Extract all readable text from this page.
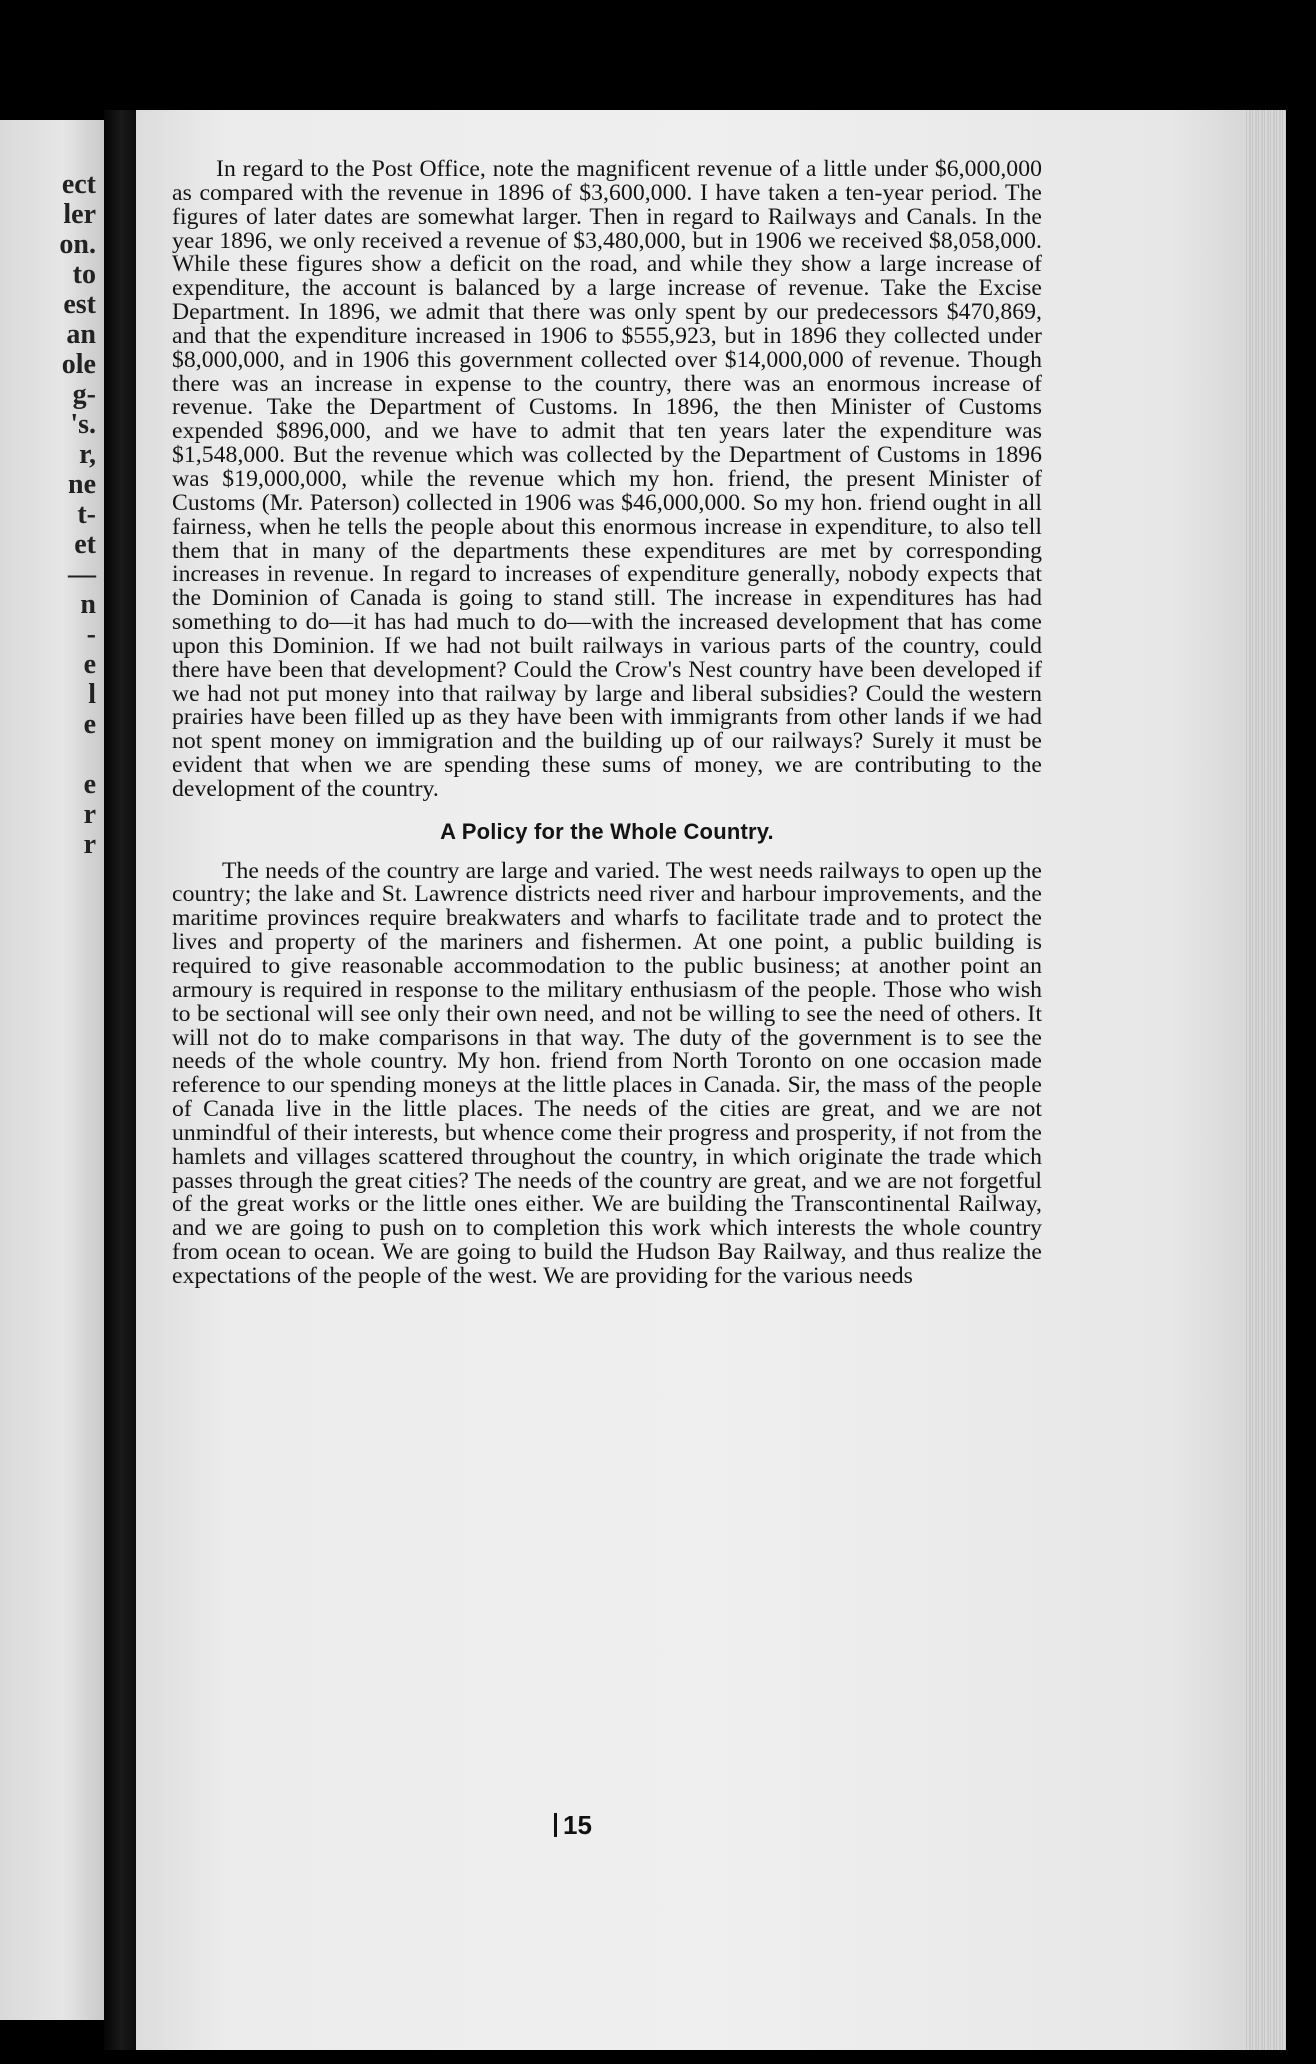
ect
ler
on.
to
est
an
ole
g-
's.
r,
ne
t-
et
—
n
-
e
l
e
e
r
r

In regard to the Post Office, note the magnificent revenue of a little under $6,000,000 as compared with the revenue in 1896 of $3,600,000. I have taken a ten-year period. The figures of later dates are somewhat larger. Then in regard to Railways and Canals. In the year 1896, we only received a revenue of $3,480,000, but in 1906 we received $8,058,000. While these figures show a deficit on the road, and while they show a large increase of expenditure, the account is balanced by a large increase of revenue. Take the Excise Department. In 1896, we admit that there was only spent by our predecessors $470,869, and that the expenditure increased in 1906 to $555,923, but in 1896 they collected under $8,000,000, and in 1906 this government collected over $14,000,000 of revenue. Though there was an increase in expense to the country, there was an enormous increase of revenue. Take the Department of Customs. In 1896, the then Minister of Customs expended $896,000, and we have to admit that ten years later the expenditure was $1,548,000. But the revenue which was collected by the Department of Customs in 1896 was $19,000,000, while the revenue which my hon. friend, the present Minister of Customs (Mr. Paterson) collected in 1906 was $46,000,000. So my hon. friend ought in all fairness, when he tells the people about this enormous increase in expenditure, to also tell them that in many of the departments these expenditures are met by corresponding increases in revenue. In regard to increases of expenditure generally, nobody expects that the Dominion of Canada is going to stand still. The increase in expenditures has had something to do—it has had much to do—with the increased development that has come upon this Dominion. If we had not built railways in various parts of the country, could there have been that development? Could the Crow's Nest country have been developed if we had not put money into that railway by large and liberal subsidies? Could the western prairies have been filled up as they have been with immigrants from other lands if we had not spent money on immigration and the building up of our railways? Surely it must be evident that when we are spending these sums of money, we are contributing to the development of the country.

A Policy for the Whole Country.

The needs of the country are large and varied. The west needs railways to open up the country; the lake and St. Lawrence districts need river and harbour improvements, and the maritime provinces require breakwaters and wharfs to facilitate trade and to protect the lives and property of the mariners and fishermen. At one point, a public building is required to give reasonable accommodation to the public business; at another point an armoury is required in response to the military enthusiasm of the people. Those who wish to be sectional will see only their own need, and not be willing to see the need of others. It will not do to make comparisons in that way. The duty of the government is to see the needs of the whole country. My hon. friend from North Toronto on one occasion made reference to our spending moneys at the little places in Canada. Sir, the mass of the people of Canada live in the little places. The needs of the cities are great, and we are not unmindful of their interests, but whence come their progress and prosperity, if not from the hamlets and villages scattered throughout the country, in which originate the trade which passes through the great cities? The needs of the country are great, and we are not forgetful of the great works or the little ones either. We are building the Transcontinental Railway, and we are going to push on to completion this work which interests the whole country from ocean to ocean. We are going to build the Hudson Bay Railway, and thus realize the expectations of the people of the west. We are providing for the various needs

15
